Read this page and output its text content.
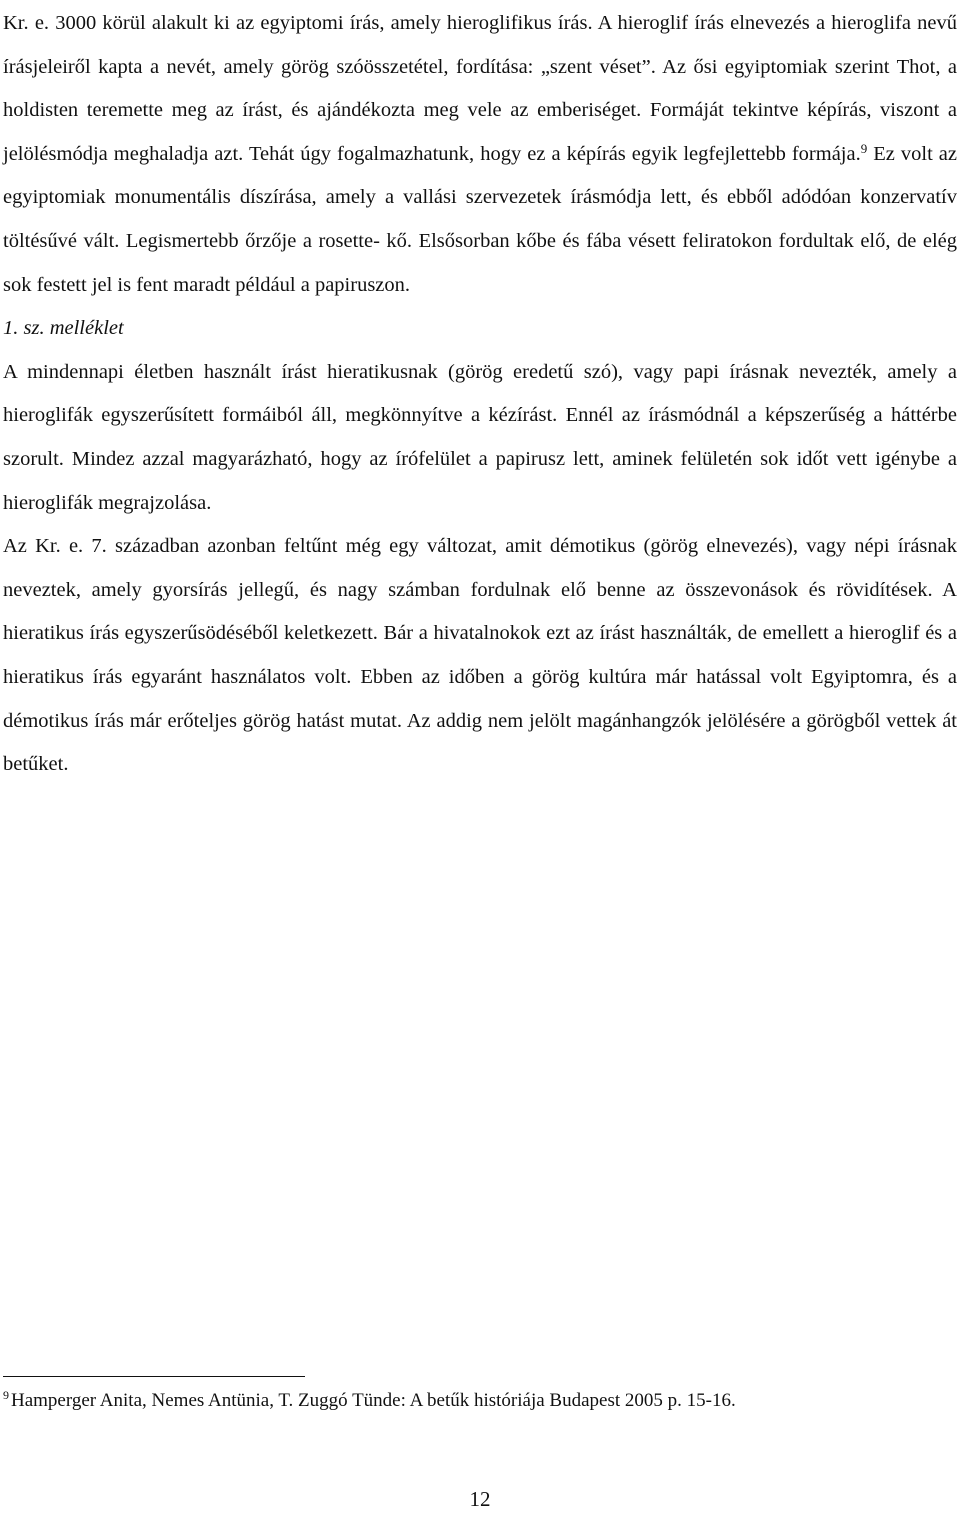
Kr. e. 3000 körül alakult ki az egyiptomi írás, amely hieroglifikus írás. A hieroglif írás elnevezés a hieroglifa nevű írásjeleiről kapta a nevét, amely görög szóösszetétel, fordítása: „szent véset”. Az ősi egyiptomiak szerint Thot, a holdisten teremette meg az írást, és ajándékozta meg vele az emberiséget. Formáját tekintve képírás, viszont a jelölésmódja meghaladja azt. Tehát úgy fogalmazhatunk, hogy ez a képírás egyik legfejlettebb formája.$^9$ Ez volt az egyiptomiak monumentális díszírása, amely a vallási szervezetek írásmódja lett, és ebből adódóan konzervatív töltésűvé vált. Legismertebb őrzője a rosette- kő. Elsősorban kőbe és fába vésett feliratokon fordultak elő, de elég sok festett jel is fent maradt például a papiruszon.

1. sz. melléklet

A mindennapi életben használt írást hieratikusnak (görög eredetű szó), vagy papi írásnak nevezték, amely a hieroglifák egyszerűsített formáiból áll, megkönnyítve a kézírást. Ennél az írásmódnál a képszerűség a háttérbe szorult. Mindez azzal magyarázható, hogy az írófelület a papirusz lett, aminek felületén sok időt vett igénybe a hieroglifák megrajzolása.

Az Kr. e. 7. században azonban feltűnt még egy változat, amit démotikus (görög elnevezés), vagy népi írásnak neveztek, amely gyorsírás jellegű, és nagy számban fordulnak elő benne az összevonások és rövidítések. A hieratikus írás egyszerűsödéséből keletkezett. Bár a hivatalnokok ezt az írást használták, de emellett a hieroglif és a hieratikus írás egyaránt használatos volt. Ebben az időben a görög kultúra már hatással volt Egyiptomra, és a démotikus írás már erőteljes görög hatást mutat. Az addig nem jelölt magánhangzók jelölésére a görögből vettek át betűket.

$^9$ Hamperger Anita, Nemes Antünia, T. Zuggó Tünde: A betűk históriája Budapest 2005 p. 15-16.

12
